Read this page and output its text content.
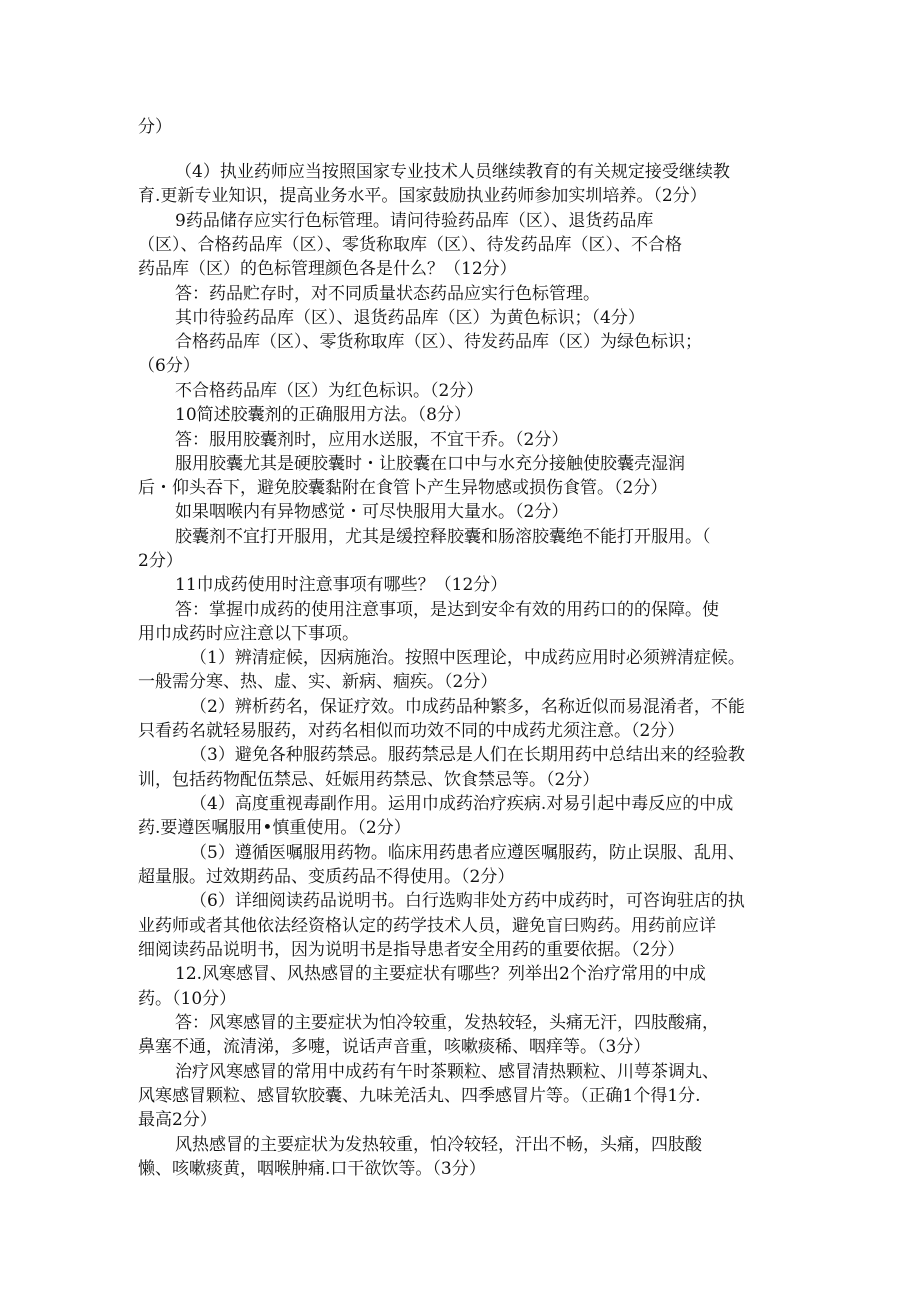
分）
（4）执业药师应当按照国家专业技术人员继续教育的有关规定接受继续教
育.更新专业知识，提高业务水平。国家鼓励执业药师参加实圳培养。（2分）
9药品储存应实行色标管理。请问待验药品库（区）、退货药品库
（区）、合格药品库（区）、零货称取库（区）、待发药品库（区）、不合格
药品库（区）的色标管理颜色各是什么？（12分）
答：药品贮存时，对不同质量状态药品应实行色标管理。
其巾待验药品库（区）、退货药品库（区）为黄色标识；（4分）
合格药品库（区）、零货称取库（区）、待发药品库（区）为绿色标识；
（6分）
不合格药品库（区）为红色标识。（2分）
10简述胶囊剂的正确服用方法。（8分）
答：服用胶囊剂时，应用水送服，不宜干乔。（2分）
服用胶囊尤其是硬胶囊时・让胶囊在口中与水充分接触使胶囊壳湿润
后・仰头吞下，避免胶囊黏附在食管卜产生异物感或损伤食管。（2分）
如果咽喉内有异物感觉・可尽快服用大量水。（2分）
胶囊剂不宜打开服用，尤其是缓控释胶囊和肠溶胶囊绝不能打开服用。（
2分）
11巾成药使用时注意事项有哪些？（12分）
答：掌握巾成药的使用注意事项，是达到安伞有效的用药口的的保障。使
用巾成药时应注意以下事项。
（1）辨清症候，因病施治。按照中医理论，中成药应用时必须辨清症候。
一般需分寒、热、虚、实、新病、痼疾。（2分）
（2）辨析药名，保证疗效。巾成药品种繁多，名称近似而易混淆者，不能
只看药名就轻易服药，对药名相似而功效不同的中成药尤须注意。（2分）
（3）避免各种服药禁忌。服药禁忌是人们在长期用药中总结出来的经验教
训，包括药物配伍禁忌、妊娠用药禁忌、饮食禁忌等。（2分）
（4）高度重视毒副作用。运用巾成药治疗疾病.对易引起中毒反应的中成
药.要遵医嘱服用•慎重使用。（2分）
（5）遵循医嘱服用药物。临床用药患者应遵医嘱服药，防止误服、乱用、
超量服。过效期药品、变质药品不得使用。（2分）
（6）详细阅读药品说明书。白行选购非处方药中成药时，可咨询驻店的执
业药师或者其他依法经资格认定的药学技术人员，避免盲曰购药。用药前应详
细阅读药品说明书，因为说明书是指导患者安全用药的重要依据。（2分）
12.风寒感冒、风热感冒的主要症状有哪些？列举出2个治疗常用的中成
药。（10分）
答：风寒感冒的主要症状为怕冷较重，发热较轻，头痛无汗，四肢酸痛，
鼻塞不通，流清涕，多嚏，说话声音重，咳嗽痰稀、咽痒等。（3分）
治疗风寒感冒的常用中成药有午时茶颗粒、感冒清热颗粒、川萼茶调丸、
风寒感冒颗粒、感冒软胶囊、九味羌活丸、四季感冒片等。（正确1个得1分.
最高2分）
风热感冒的主要症状为发热较重，怕冷较轻，汗出不畅，头痛，四肢酸
懒、咳嗽痰黄，咽喉肿痛.口干欲饮等。（3分）
